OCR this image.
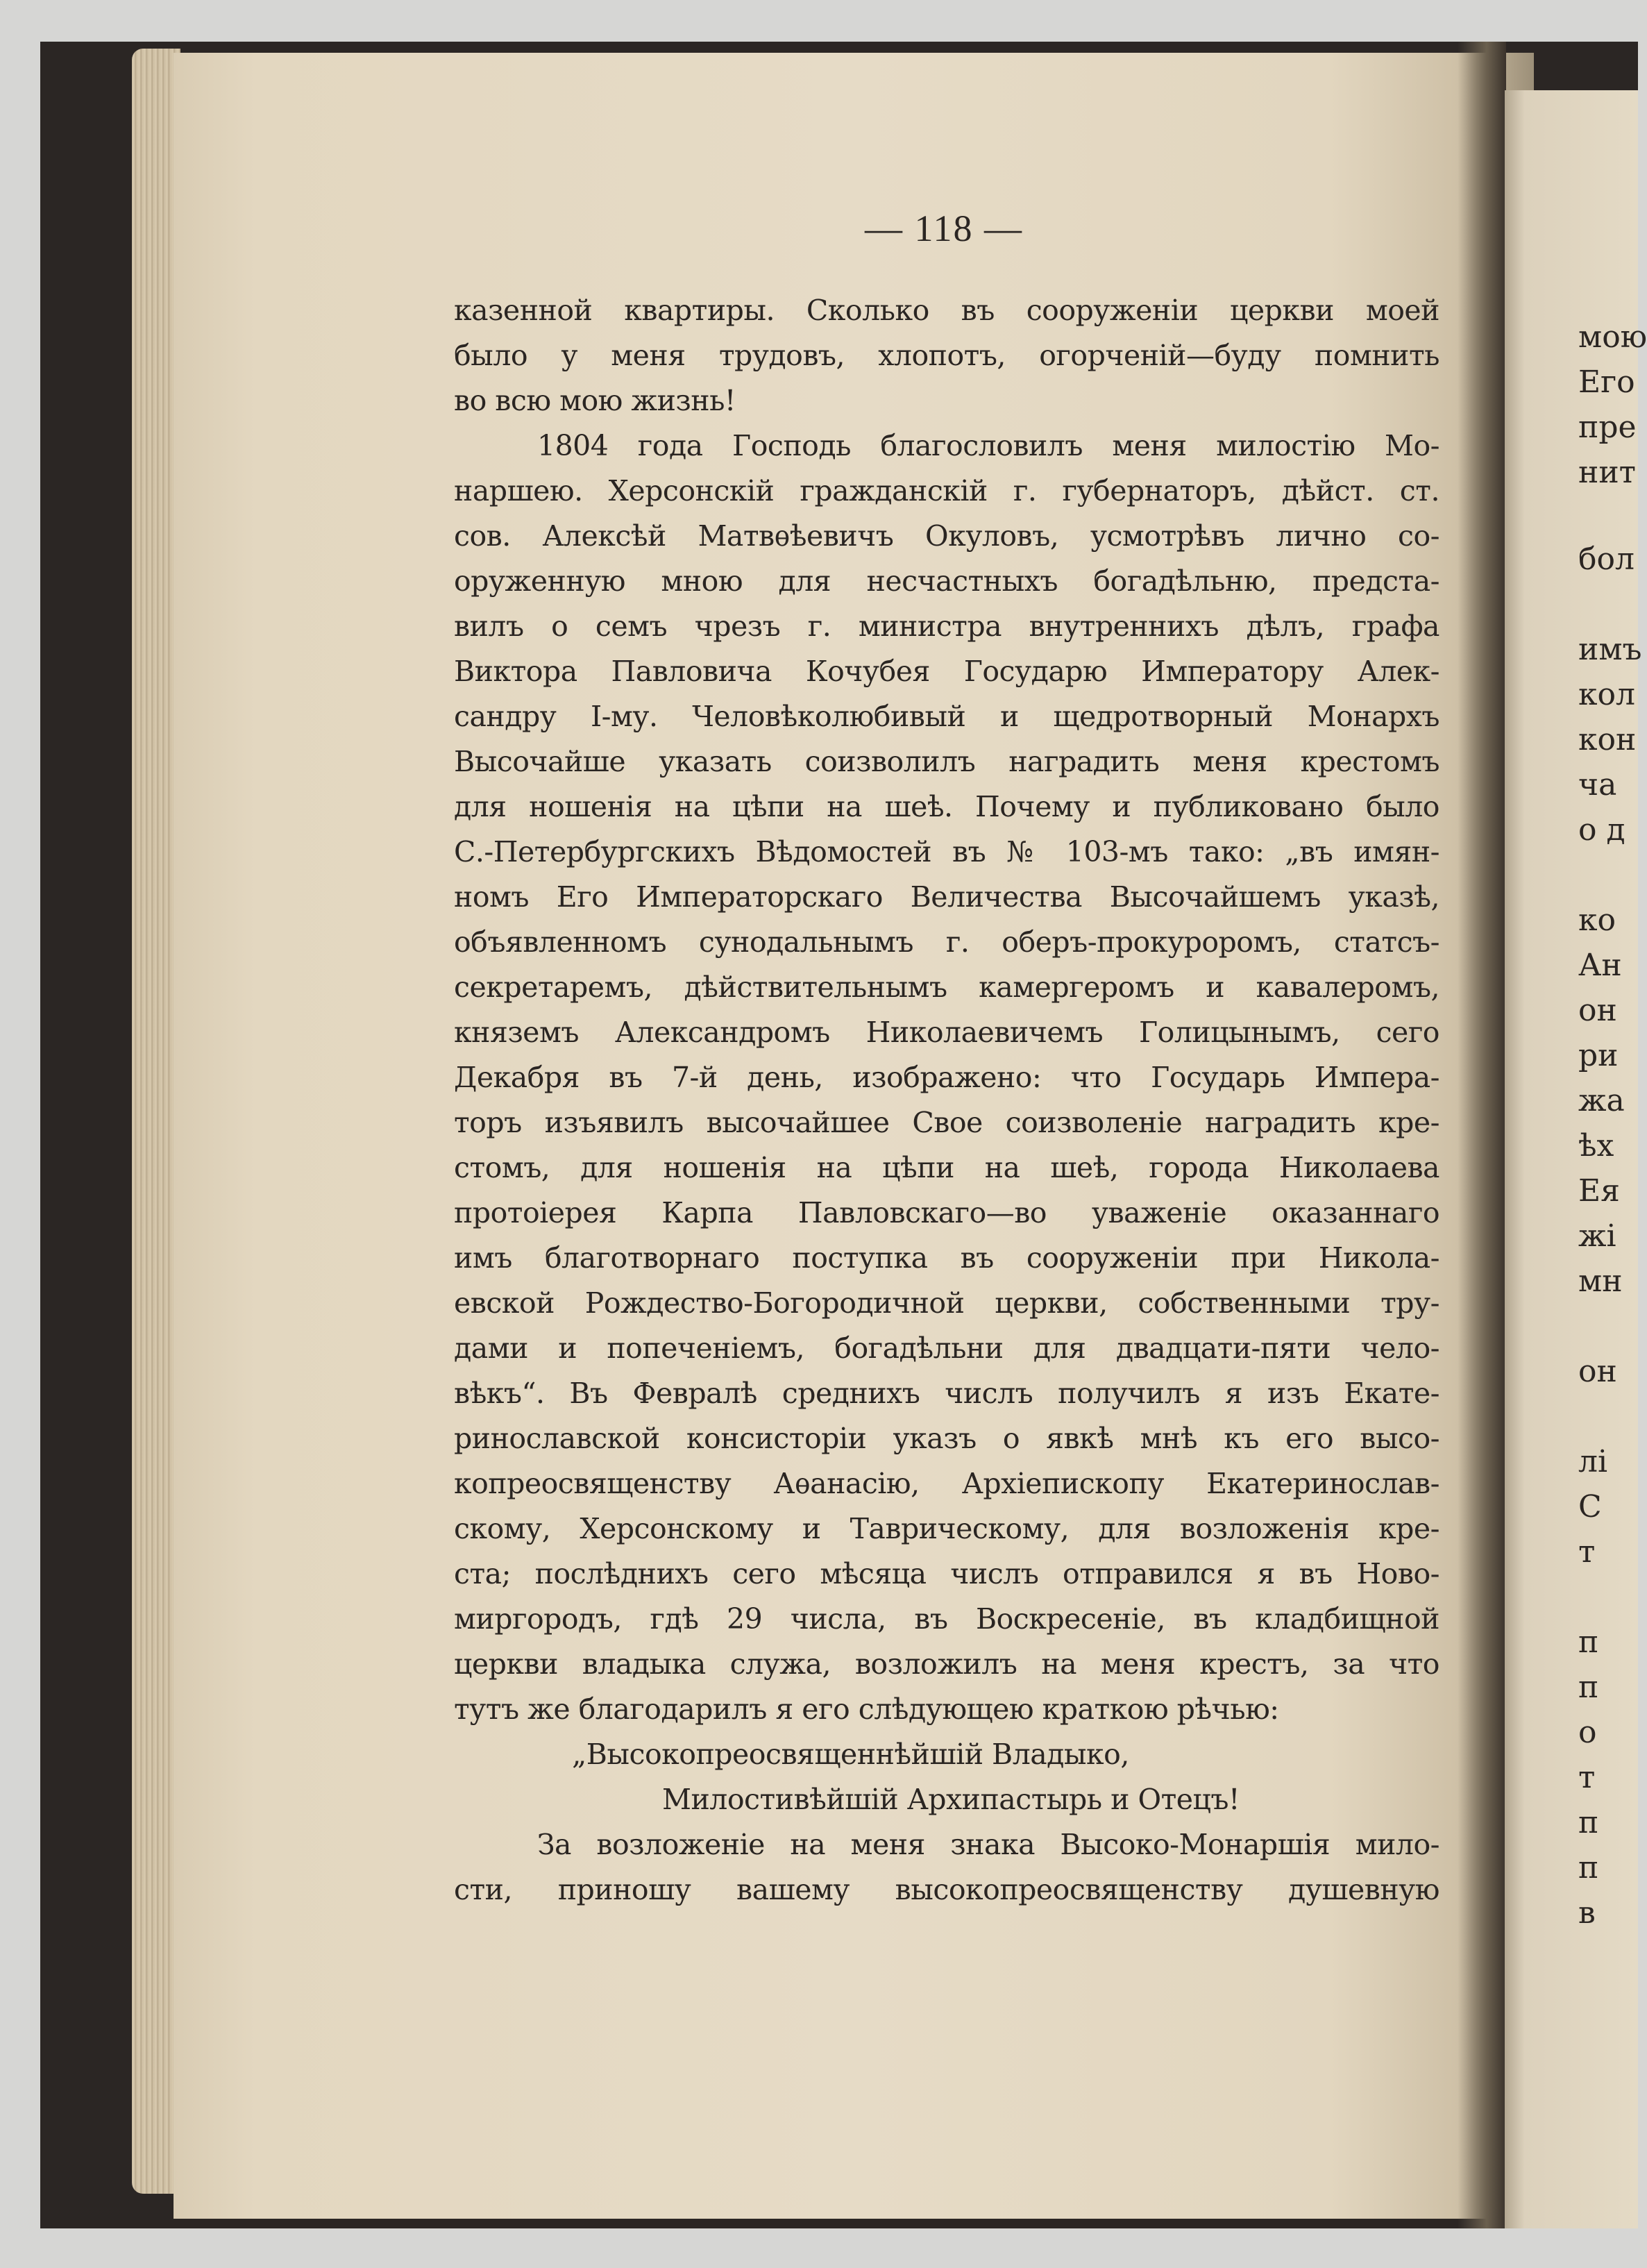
— 118 —
казенной квартиры. Сколько въ сооруженіи церкви моей
было у меня трудовъ, хлопотъ, огорченій—буду помнить
во всю мою жизнь!
1804 года Господь благословилъ меня милостію Мо-
наршею. Херсонскій гражданскій г. губернаторъ, дѣйст. ст.
сов. Алексѣй Матвѳѣевичъ Окуловъ, усмотрѣвъ лично со-
оруженную мною для несчастныхъ богадѣльню, предста-
вилъ о семъ чрезъ г. министра внутреннихъ дѣлъ, графа
Виктора Павловича Кочубея Государю Императору Алек-
сандру I-му. Человѣколюбивый и щедротворный Монархъ
Высочайше указать соизволилъ наградить меня крестомъ
для ношенія на цѣпи на шеѣ. Почему и публиковано было
С.-Петербургскихъ Вѣдомостей въ № 103-мъ тако: „въ имян-
номъ Его Императорскаго Величества Высочайшемъ указѣ,
объявленномъ сунодальнымъ г. оберъ-прокуроромъ, статсъ-
секретаремъ, дѣйствительнымъ камергеромъ и кавалеромъ,
княземъ Александромъ Николаевичемъ Голицынымъ, сего
Декабря въ 7-й день, изображено: что Государь Импера-
торъ изъявилъ высочайшее Свое соизволеніе наградить кре-
стомъ, для ношенія на цѣпи на шеѣ, города Николаева
протоіерея Карпа Павловскаго—во уваженіе оказаннаго
имъ благотворнаго поступка въ сооруженіи при Никола-
евской Рождество-Богородичной церкви, собственными тру-
дами и попеченіемъ, богадѣльни для двадцати-пяти чело-
вѣкъ“. Въ Февралѣ среднихъ числъ получилъ я изъ Екате-
ринославской консисторіи указъ о явкѣ мнѣ къ его высо-
копреосвященству Аѳанасію, Архіепископу Екатеринослав-
скому, Херсонскому и Таврическому, для возложенія кре-
ста; послѣднихъ сего мѣсяца числъ отправился я въ Ново-
миргородъ, гдѣ 29 числа, въ Воскресеніе, въ кладбищной
церкви владыка служа, возложилъ на меня крестъ, за что
тутъ же благодарилъ я его слѣдующею краткою рѣчью:
„Высокопреосвященнѣйшій Владыко,
Милостивѣйшій Архипастырь и Отецъ!
За возложеніе на меня знака Высоко-Монаршія мило-
сти, приношу вашему высокопреосвященству душевную
мою
Его
пре
нит
бол
имъ
кол
кон
ча
о д
ко
Ан
он
ри
жа
ѣх
Ея
жі
мн
он
лі
С
т
п
п
о
т
п
п
в
